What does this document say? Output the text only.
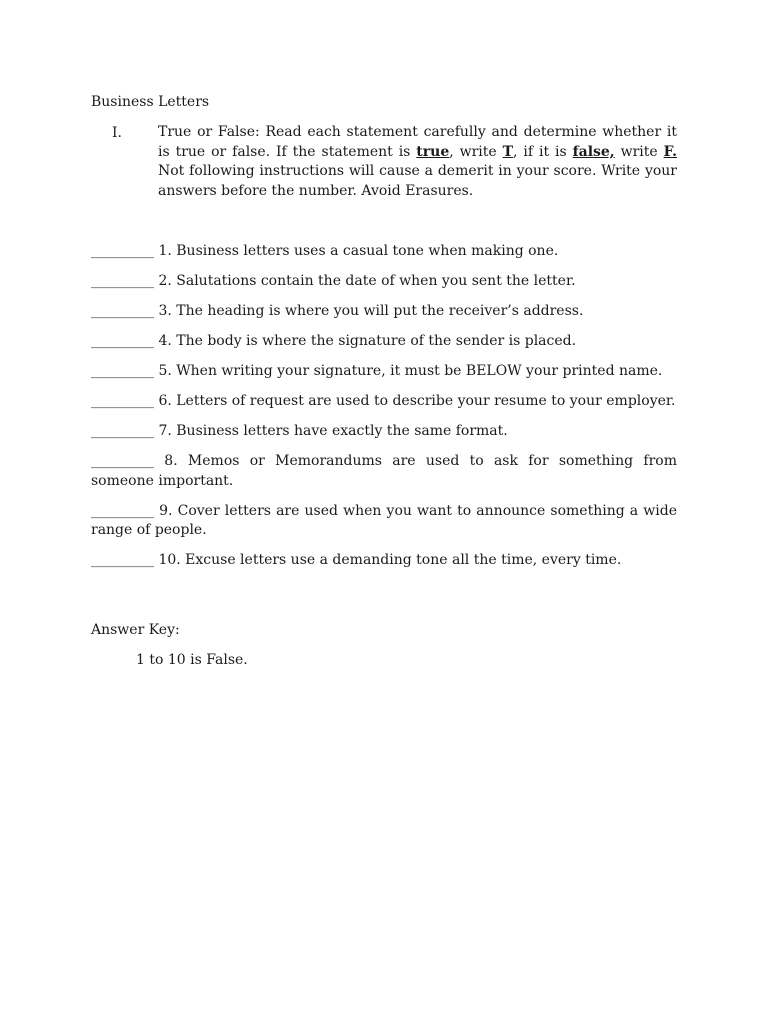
Business Letters
I.	True or False: Read each statement carefully and determine whether it is true or false. If the statement is true, write T, if it is false, write F. Not following instructions will cause a demerit in your score. Write your answers before the number. Avoid Erasures.
_________ 1. Business letters uses a casual tone when making one.
_________ 2. Salutations contain the date of when you sent the letter.
_________ 3. The heading is where you will put the receiver’s address.
_________ 4. The body is where the signature of the sender is placed.
_________ 5. When writing your signature, it must be BELOW your printed name.
_________ 6. Letters of request are used to describe your resume to your employer.
_________ 7. Business letters have exactly the same format.
_________ 8. Memos or Memorandums are used to ask for something from someone important.
_________ 9. Cover letters are used when you want to announce something a wide range of people.
_________ 10. Excuse letters use a demanding tone all the time, every time.
Answer Key:
1 to 10 is False.
